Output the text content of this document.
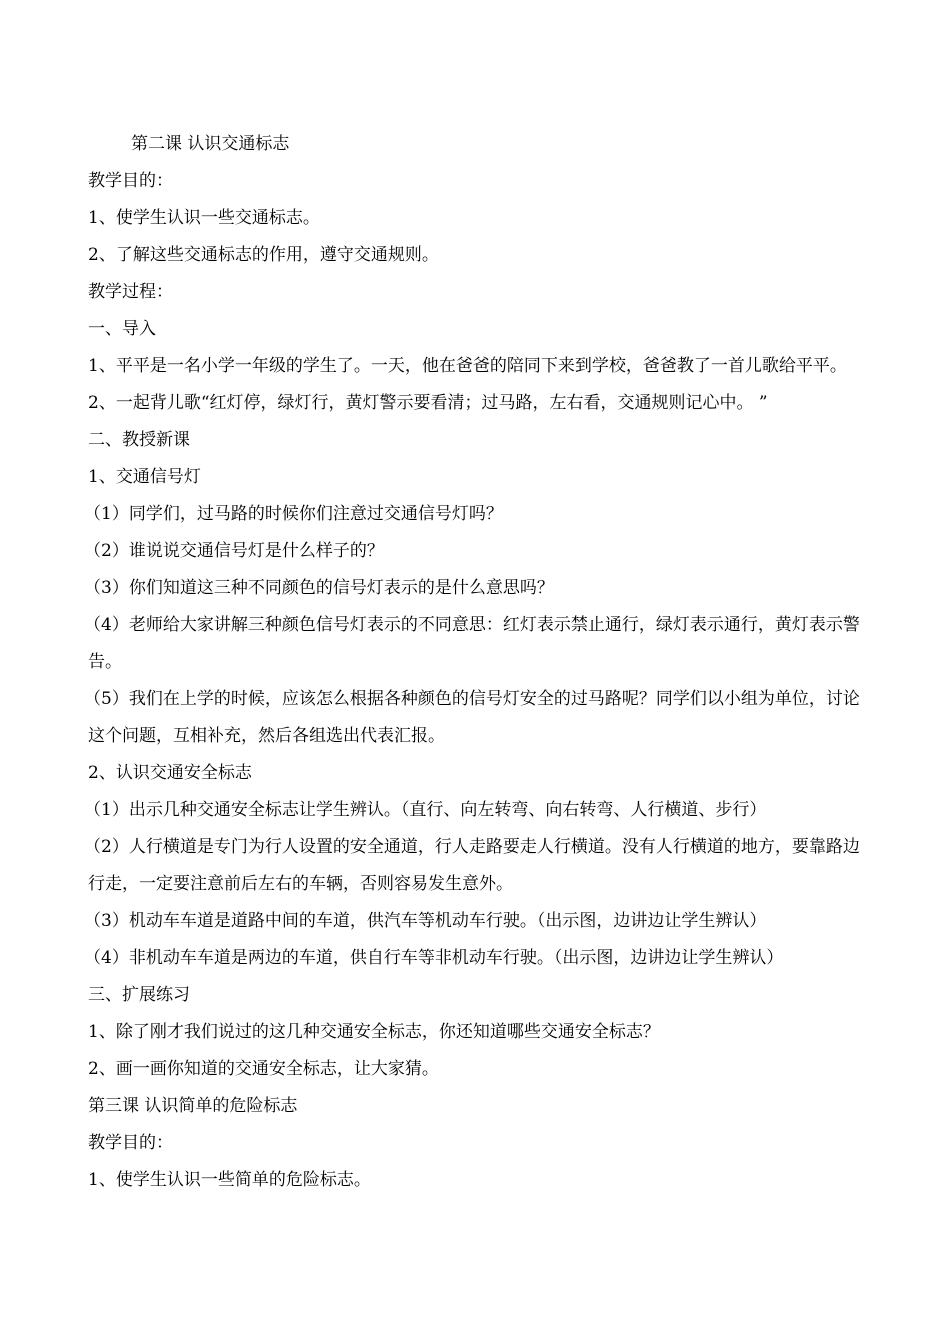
第二课 认识交通标志

教学目的：

1、使学生认识一些交通标志。

2、了解这些交通标志的作用，遵守交通规则。

教学过程：

一、导入

1、平平是一名小学一年级的学生了。一天，他在爸爸的陪同下来到学校，爸爸教了一首儿歌给平平。

2、一起背儿歌“红灯停，绿灯行，黄灯警示要看清；过马路，左右看，交通规则记心中。 ”

二、教授新课

1、交通信号灯

（1）同学们，过马路的时候你们注意过交通信号灯吗？

（2）谁说说交通信号灯是什么样子的？

（3）你们知道这三种不同颜色的信号灯表示的是什么意思吗？

（4）老师给大家讲解三种颜色信号灯表示的不同意思：红灯表示禁止通行，绿灯表示通行，黄灯表示警告。

（5）我们在上学的时候，应该怎么根据各种颜色的信号灯安全的过马路呢？同学们以小组为单位，讨论这个问题，互相补充，然后各组选出代表汇报。

2、认识交通安全标志

（1）出示几种交通安全标志让学生辨认。（直行、向左转弯、向右转弯、人行横道、步行）

（2）人行横道是专门为行人设置的安全通道，行人走路要走人行横道。没有人行横道的地方，要靠路边行走，一定要注意前后左右的车辆，否则容易发生意外。

（3）机动车车道是道路中间的车道，供汽车等机动车行驶。（出示图，边讲边让学生辨认）

（4）非机动车车道是两边的车道，供自行车等非机动车行驶。（出示图，边讲边让学生辨认）

三、扩展练习

1、除了刚才我们说过的这几种交通安全标志，你还知道哪些交通安全标志？

2、画一画你知道的交通安全标志，让大家猜。

第三课 认识简单的危险标志

教学目的：

1、使学生认识一些简单的危险标志。
